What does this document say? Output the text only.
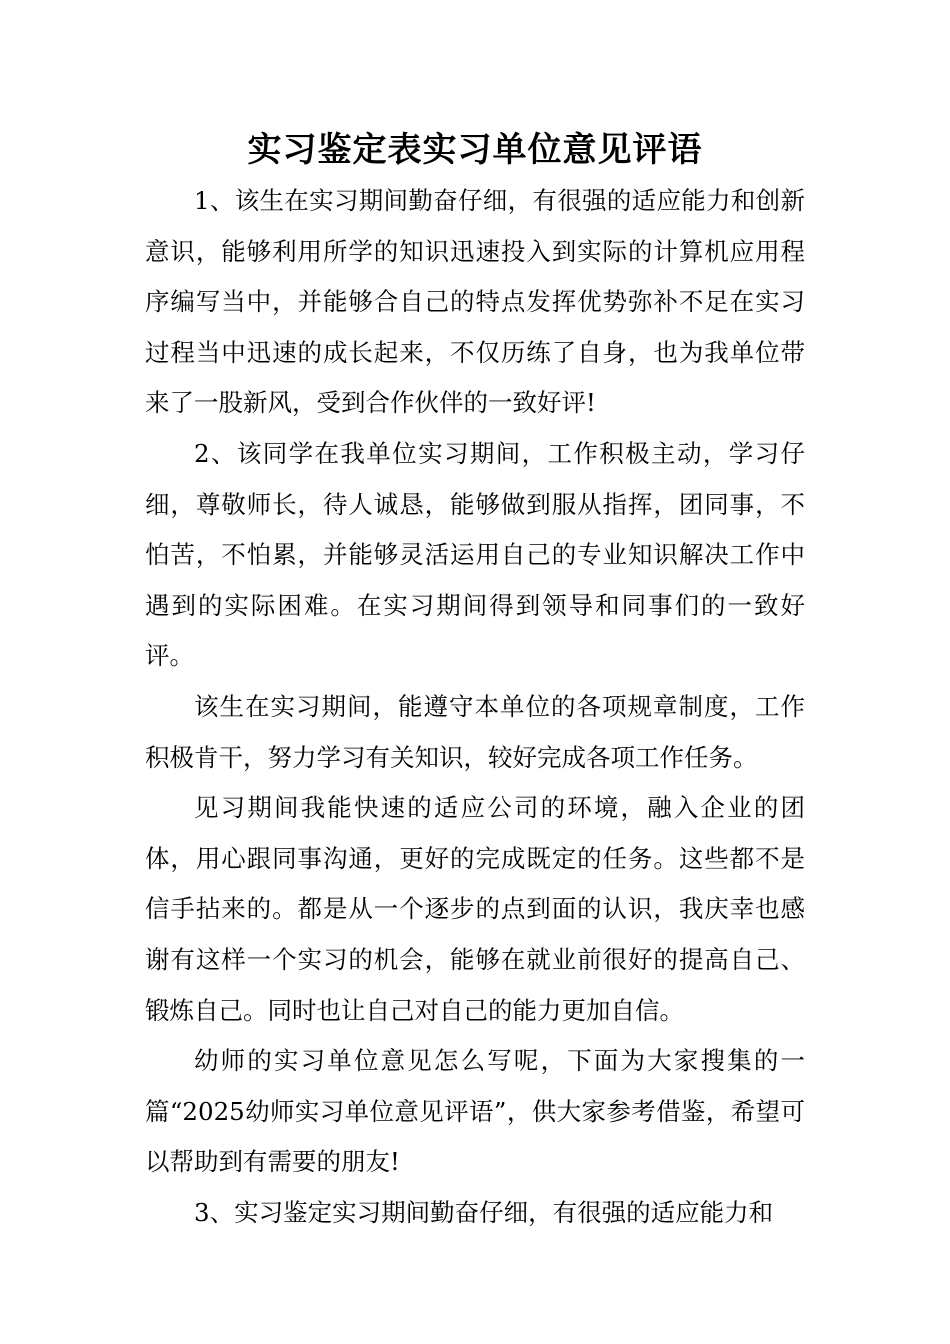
实习鉴定表实习单位意见评语

1、该生在实习期间勤奋仔细，有很强的适应能力和创新意识，能够利用所学的知识迅速投入到实际的计算机应用程序编写当中，并能够合自己的特点发挥优势弥补不足在实习过程当中迅速的成长起来，不仅历练了自身，也为我单位带来了一股新风，受到合作伙伴的一致好评!

2、该同学在我单位实习期间，工作积极主动，学习仔细，尊敬师长，待人诚恳，能够做到服从指挥，团同事，不怕苦，不怕累，并能够灵活运用自己的专业知识解决工作中遇到的实际困难。在实习期间得到领导和同事们的一致好评。

该生在实习期间，能遵守本单位的各项规章制度，工作积极肯干，努力学习有关知识，较好完成各项工作任务。

见习期间我能快速的适应公司的环境，融入企业的团体，用心跟同事沟通，更好的完成既定的任务。这些都不是信手拈来的。都是从一个逐步的点到面的认识，我庆幸也感谢有这样一个实习的机会，能够在就业前很好的提高自己、锻炼自己。同时也让自己对自己的能力更加自信。

幼师的实习单位意见怎么写呢，下面为大家搜集的一篇“2025幼师实习单位意见评语”，供大家参考借鉴，希望可以帮助到有需要的朋友!

3、实习鉴定实习期间勤奋仔细，有很强的适应能力和
